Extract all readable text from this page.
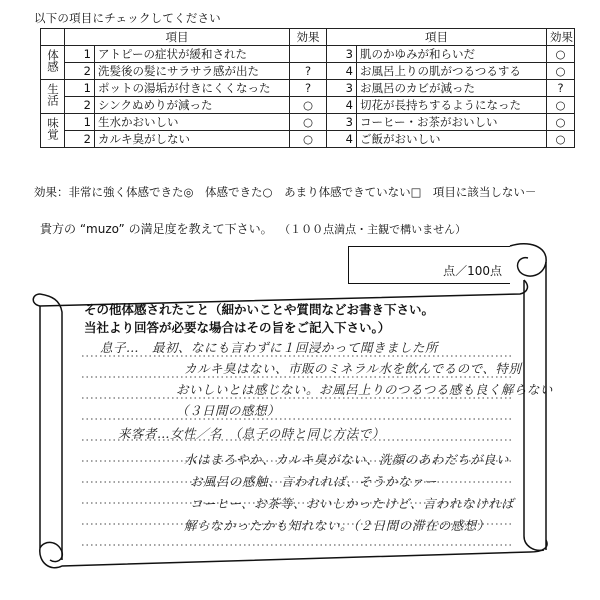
以下の項目にチェックしてください
	項目		効果	項目		効果
体感	1	アトピーの症状が緩和された		3	肌のかゆみが和らいだ	○
	2	洗髪後の髪にサラサラ感が出た	?	4	お風呂上りの肌がつるつるする	○
生活	1	ポットの湯垢が付きにくくなった	?	3	お風呂のカビが減った	?
	2	シンクぬめりが減った	○	4	切花が長持ちするようになった	○
味覚	1	生水かおいしい	○	3	コーヒー・お茶がおいしい	○
	2	カルキ臭がしない	○	4	ご飯がおいしい	○
効果：非常に強く体感できた◎　体感できた○　あまり体感できていない□　項目に該当しない－
貴方の “muzo” の満足度を教えて下さい。 （１００点満点・主観で構いません）
点／100点
その他体感されたこと（細かいことや質問などお書き下さい。
当社より回答が必要な場合はその旨をご記入下さい。）
息子…　最初、なにも言わずに１回浸かって聞きました所
カルキ臭はない、市販のミネラル水を飲んでるので、特別
おいしいとは感じない。お風呂上りのつるつる感も良く解らない
（３日間の感想）
来客者…女性／名　（息子の時と同じ方法で）
水はまろやか、カルキ臭がない、洗顔のあわだちが良い
お風呂の感触、言われれば、そうかなァー
コーヒー、お茶等、おいしかったけど、言われなければ
解らなかったかも知れない。（２日間の滞在の感想）
